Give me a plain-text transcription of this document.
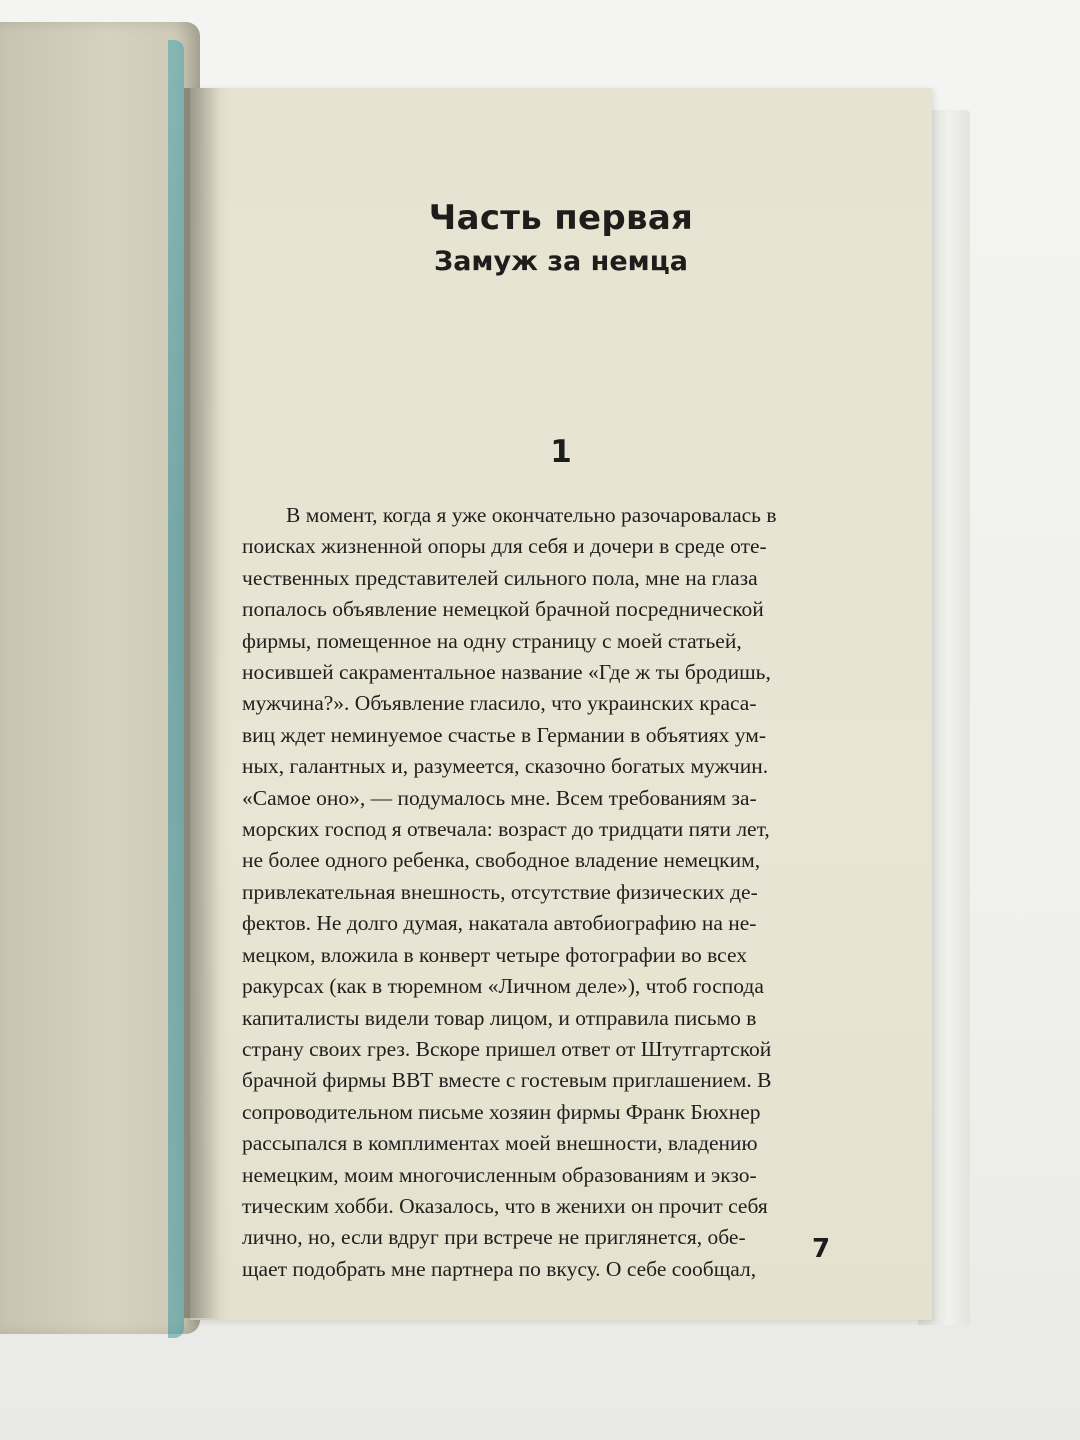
Часть первая
Замуж за немца
1
В момент, когда я уже окончательно разочаровалась в
поисках жизненной опоры для себя и дочери в среде оте-
чественных представителей сильного пола, мне на глаза
попалось объявление немецкой брачной посреднической
фирмы, помещенное на одну страницу с моей статьей,
носившей сакраментальное название «Где ж ты бродишь,
мужчина?». Объявление гласило, что украинских краса-
виц ждет неминуемое счастье в Германии в объятиях ум-
ных, галантных и, разумеется, сказочно богатых мужчин.
«Самое оно», — подумалось мне. Всем требованиям за-
морских господ я отвечала: возраст до тридцати пяти лет,
не более одного ребенка, свободное владение немецким,
привлекательная внешность, отсутствие физических де-
фектов. Не долго думая, накатала автобиографию на не-
мецком, вложила в конверт четыре фотографии во всех
ракурсах (как в тюремном «Личном деле»), чтоб господа
капиталисты видели товар лицом, и отправила письмо в
страну своих грез. Вскоре пришел ответ от Штутгартской
брачной фирмы ВВТ вместе с гостевым приглашением. В
сопроводительном письме хозяин фирмы Франк Бюхнер
рассыпался в комплиментах моей внешности, владению
немецким, моим многочисленным образованиям и экзо-
тическим хобби. Оказалось, что в женихи он прочит себя
лично, но, если вдруг при встрече не приглянется, обе-
щает подобрать мне партнера по вкусу. О себе сообщал,
7
